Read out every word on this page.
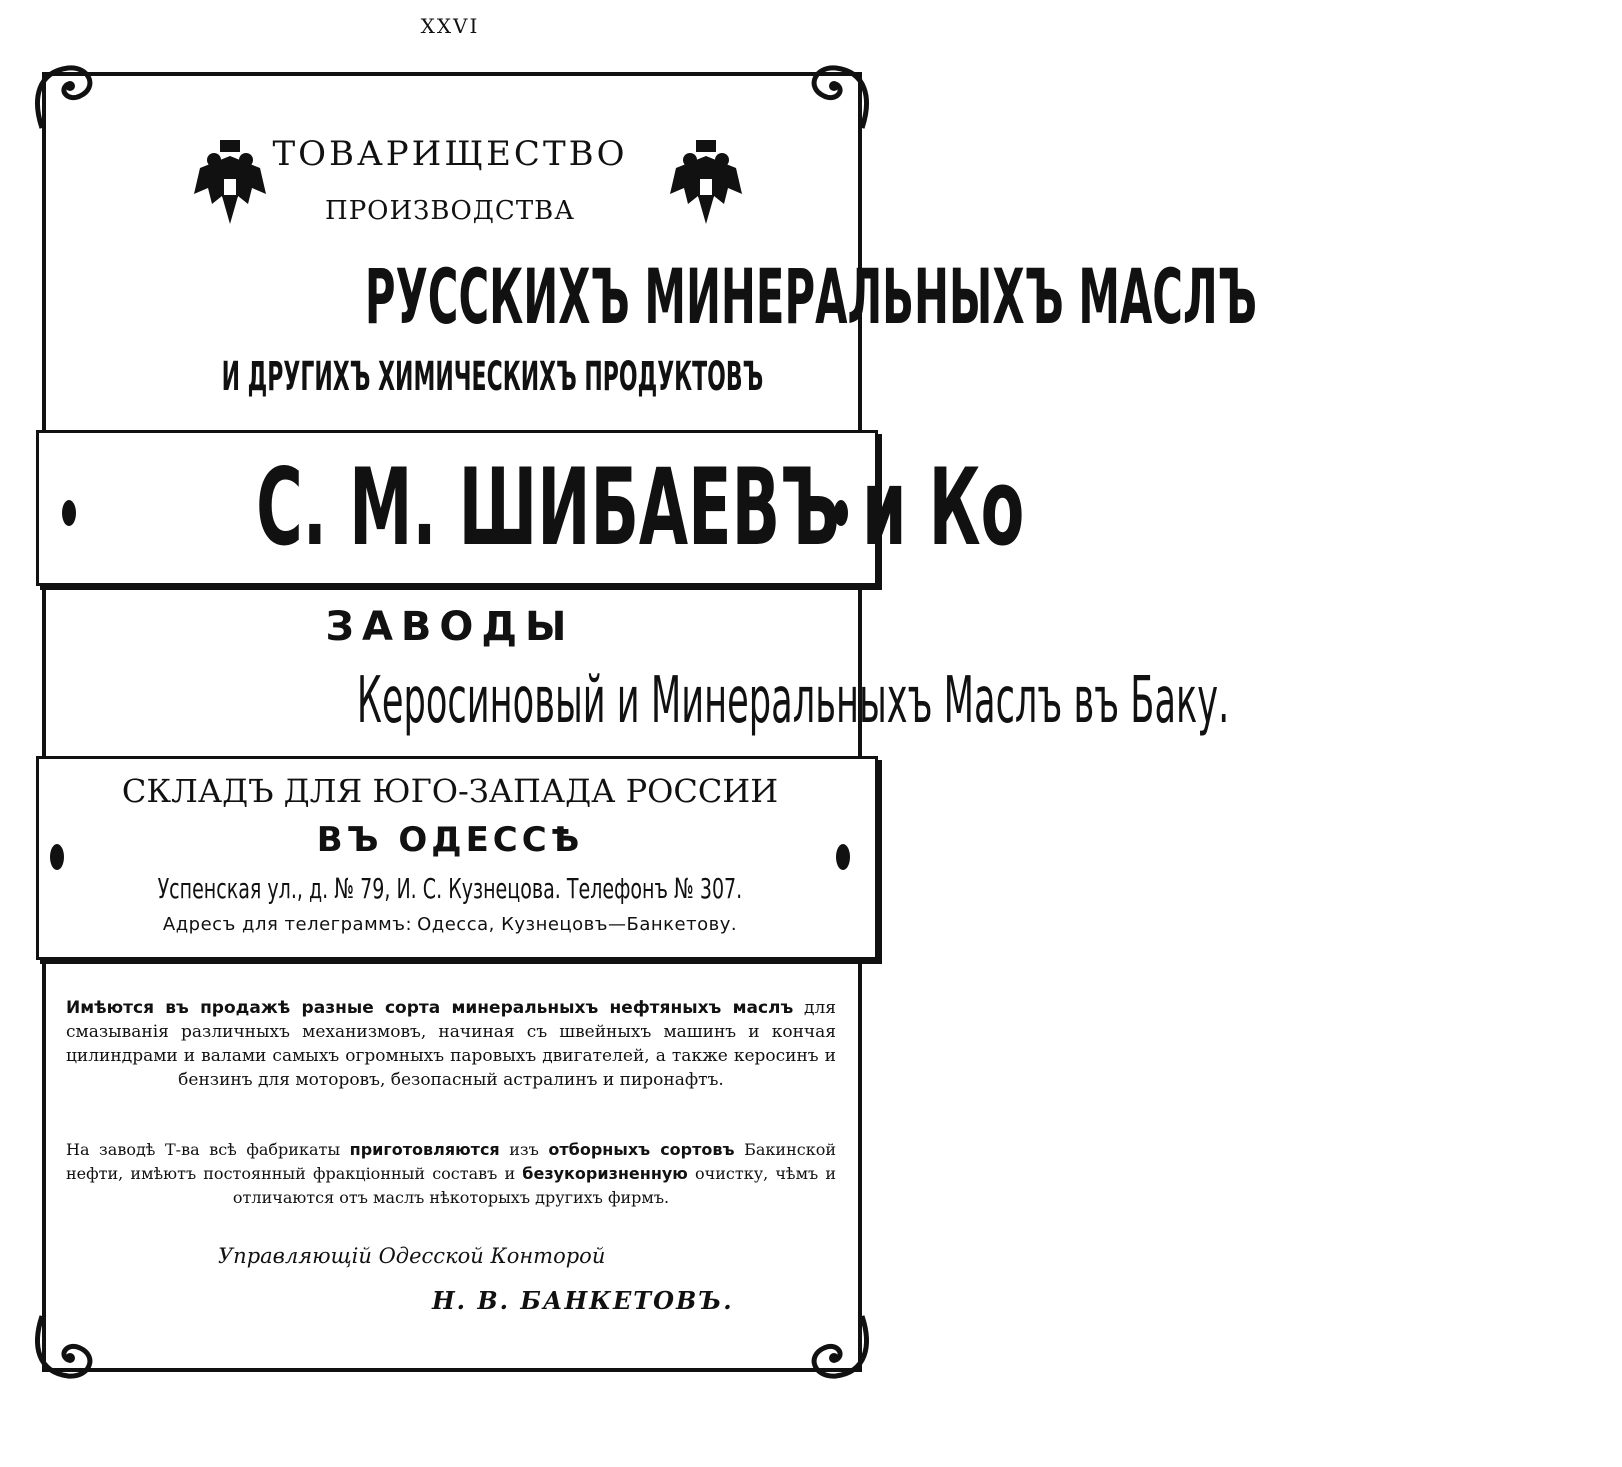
XXVI
ТОВАРИЩЕСТВО
ПРОИЗВОДСТВА
РУССКИХЪ МИНЕРАЛЬНЫХЪ МАСЛЪ
И ДРУГИХЪ ХИМИЧЕСКИХЪ ПРОДУКТОВЪ
С. М. ШИБАЕВЪ и Ко
ЗАВОДЫ
Керосиновый и Минеральныхъ Маслъ въ Баку.
СКЛАДЪ ДЛЯ ЮГО-ЗАПАДА РОССИИ
ВЪ ОДЕССѢ
Успенская ул., д. № 79, И. С. Кузнецова. Телефонъ № 307.
Адресъ для телеграммъ: Одесса, Кузнецовъ—Банкетову.
Имѣются въ продажѣ разные сорта минеральныхъ нефтяныхъ маслъ для смазыванія различныхъ механизмовъ, начиная съ швейныхъ машинъ и кончая цилиндрами и валами самыхъ огромныхъ паровыхъ двигателей, а также керосинъ и бензинъ для моторовъ, безопасный астралинъ и пиронафтъ.
На заводѣ Т-ва всѣ фабрикаты приготовляются изъ отборныхъ сортовъ Бакинской нефти, имѣютъ постоянный фракціонный составъ и безукоризненную очистку, чѣмъ и отличаются отъ маслъ нѣкоторыхъ другихъ фирмъ.
Управляющій Одесской Конторой
Н. В. БАНКЕТОВЪ.
